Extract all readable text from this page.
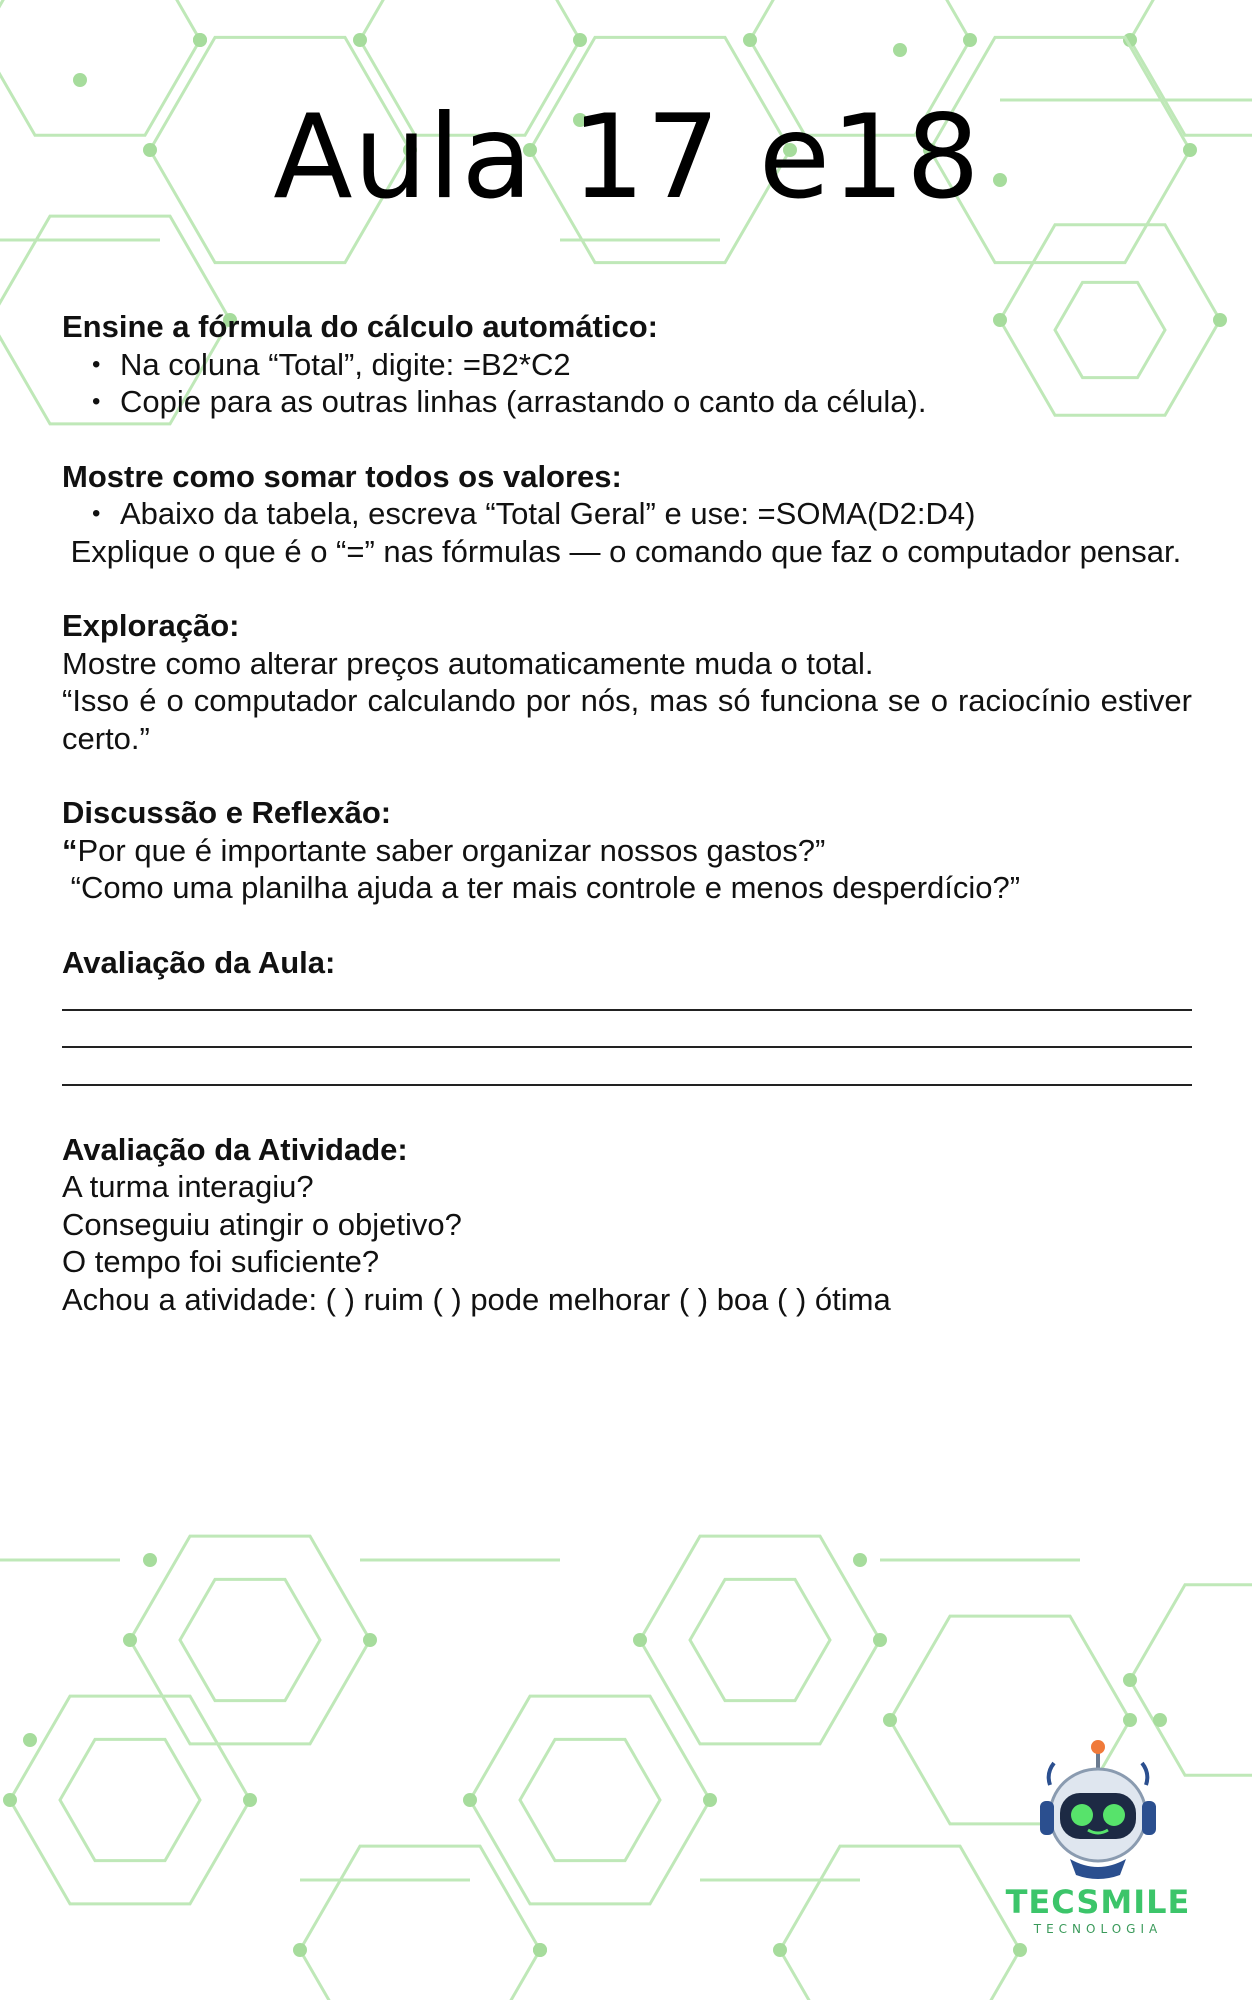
Aula 17 e18
Ensine a fórmula do cálculo automático:
• Na coluna “Total”, digite: =B2*C2
• Copie para as outras linhas (arrastando o canto da célula).
Mostre como somar todos os valores:
• Abaixo da tabela, escreva “Total Geral” e use: =SOMA(D2:D4)
Explique o que é o “=” nas fórmulas — o comando que faz o computador pensar.
Exploração:
Mostre como alterar preços automaticamente muda o total.
“Isso é o computador calculando por nós, mas só funciona se o raciocínio estiver certo.”
Discussão e Reflexão:
“Por que é importante saber organizar nossos gastos?”
“Como uma planilha ajuda a ter mais controle e menos desperdício?”
Avaliação da Aula:
Avaliação da Atividade:
A turma interagiu?
Conseguiu atingir o objetivo?
O tempo foi suficiente?
Achou a atividade: ( ) ruim ( ) pode melhorar ( ) boa ( ) ótima
TECSMILE
TECNOLOGIA
